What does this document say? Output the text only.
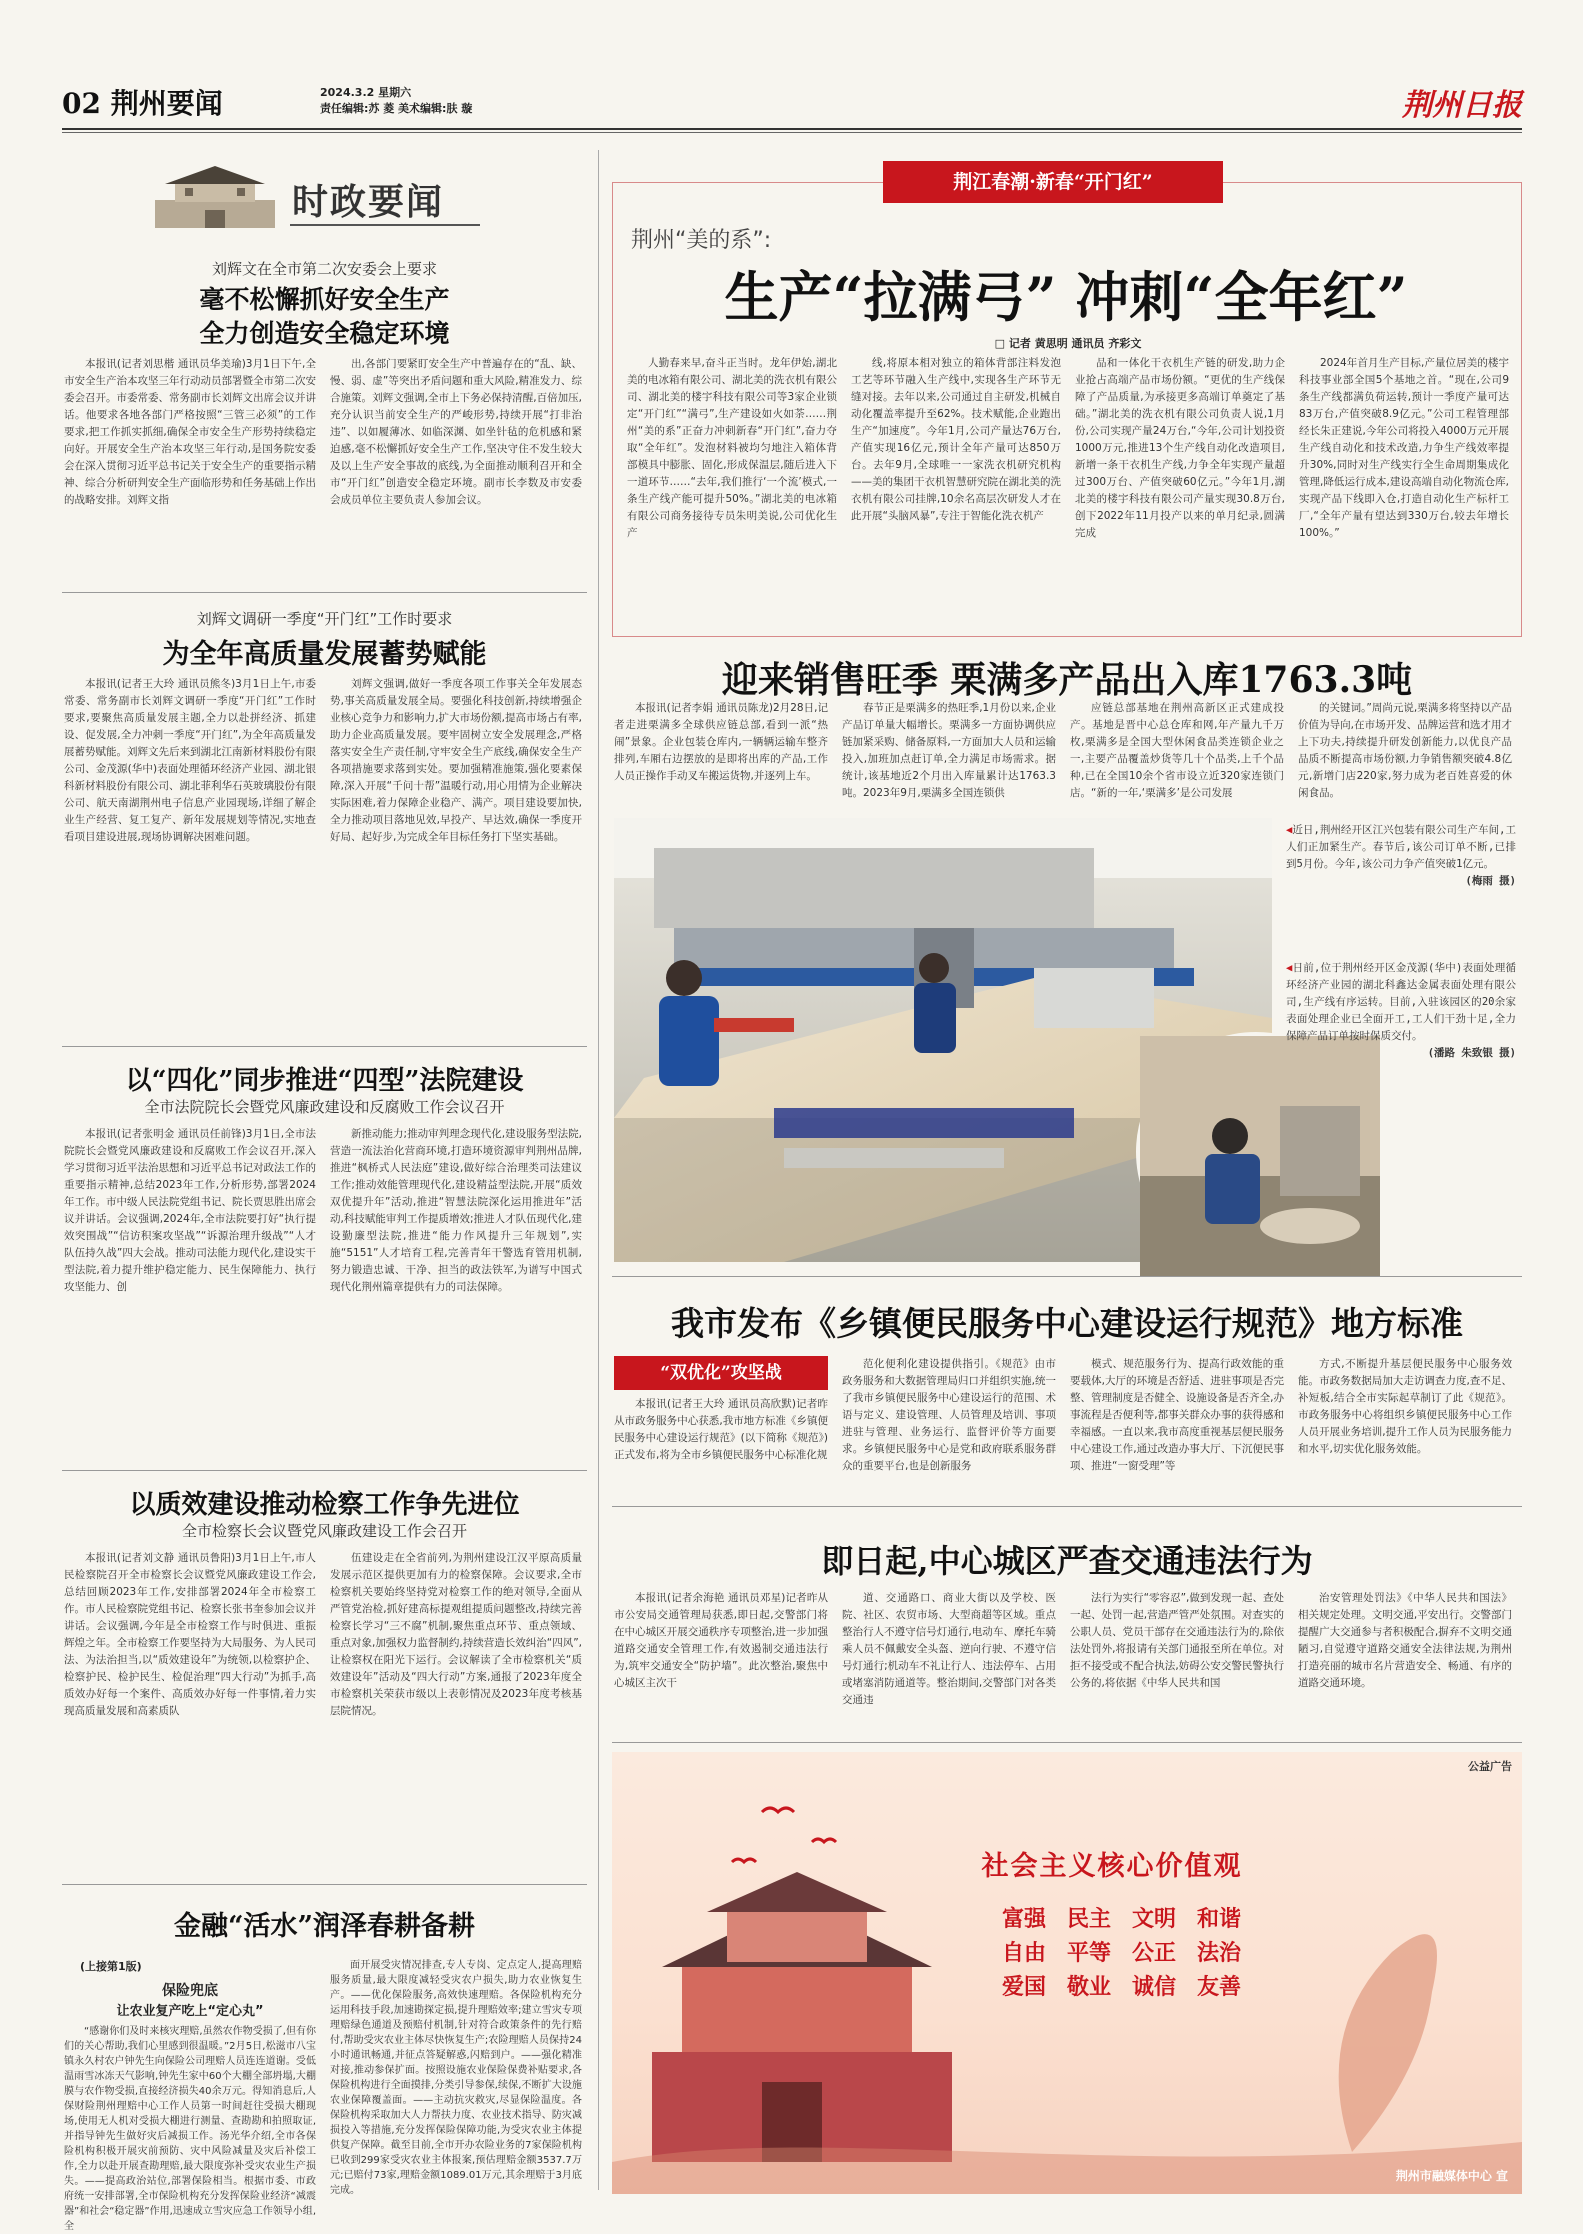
02 荆州要闻	2024.3.2 星期六
责任编辑:苏 菱 美术编辑:肤 璇	荆州日报
时政要闻
刘辉文在全市第二次安委会上要求
毫不松懈抓好安全生产
全力创造安全稳定环境

本报讯(记者刘思楷 通讯员华美瑜)3月1日下午,全市安全生产治本攻坚三年行动动员部署暨全市第二次安委会召开。市委常委、常务副市长刘辉文出席会议并讲话。他要求各地各部门严格按照“三管三必须”的工作要求,把工作抓实抓细,确保全市安全生产形势持续稳定向好。开展安全生产治本攻坚三年行动,是国务院安委会在深入贯彻习近平总书记关于安全生产的重要指示精神、综合分析研判安全生产面临形势和任务基础上作出的战略安排。刘辉文指

出,各部门要紧盯安全生产中普遍存在的“乱、缺、慢、弱、虚”等突出矛盾问题和重大风险,精准发力、综合施策。刘辉文强调,全市上下务必保持清醒,百倍加压,充分认识当前安全生产的严峻形势,持续开展“打非治违”、以如履薄冰、如临深渊、如坐针毡的危机感和紧迫感,毫不松懈抓好安全生产工作,坚决守住不发生较大及以上生产安全事故的底线,为全面推动顺利召开和全市“开门红”创造安全稳定环境。副市长李数及市安委会成员单位主要负责人参加会议。

刘辉文调研一季度“开门红”工作时要求
为全年高质量发展蓄势赋能

本报讯(记者王大玲 通讯员熊冬)3月1日上午,市委常委、常务副市长刘辉文调研一季度“开门红”工作时要求,要聚焦高质量发展主题,全力以赴拼经济、抓建设、促发展,全力冲刺一季度“开门红”,为全年高质量发展蓄势赋能。刘辉文先后来到湖北江南新材料股份有限公司、金茂源(华中)表面处理循环经济产业园、湖北银科新材料股份有限公司、湖北菲利华石英玻璃股份有限公司、航天南湖荆州电子信息产业园现场,详细了解企业生产经营、复工复产、新年发展规划等情况,实地查看项目建设进展,现场协调解决困难问题。

刘辉文强调,做好一季度各项工作事关全年发展态势,事关高质量发展全局。要强化科技创新,持续增强企业核心竞争力和影响力,扩大市场份额,提高市场占有率,助力企业高质量发展。要牢固树立安全发展理念,严格落实安全生产责任制,守牢安全生产底线,确保安全生产各项措施要求落到实处。要加强精准施策,强化要素保障,深入开展“千问十帮”温暖行动,用心用情为企业解决实际困难,着力保障企业稳产、满产。项目建设要加快,全力推动项目落地见效,早投产、早达效,确保一季度开好局、起好步,为完成全年目标任务打下坚实基础。

以“四化”同步推进“四型”法院建设
全市法院院长会暨党风廉政建设和反腐败工作会议召开

本报讯(记者张明金 通讯员任前锋)3月1日,全市法院院长会暨党风廉政建设和反腐败工作会议召开,深入学习贯彻习近平法治思想和习近平总书记对政法工作的重要指示精神,总结2023年工作,分析形势,部署2024年工作。市中级人民法院党组书记、院长贾思胜出席会议并讲话。会议强调,2024年,全市法院要打好“执行提效突围战”“信访积案攻坚战”“诉源治理升级战”“人才队伍持久战”四大会战。推动司法能力现代化,建设实干型法院,着力提升维护稳定能力、民生保障能力、执行攻坚能力、创

新推动能力;推动审判理念现代化,建设服务型法院,营造一流法治化营商环境,打造环境资源审判荆州品牌,推进“枫桥式人民法庭”建设,做好综合治理类司法建议工作;推动效能管理现代化,建设精益型法院,开展“质效双优提升年”活动,推进“智慧法院深化运用推进年”活动,科技赋能审判工作提质增效;推进人才队伍现代化,建设勤廉型法院,推进“能力作风提升三年规划”,实施“5151”人才培育工程,完善青年干警选育管用机制,努力锻造忠诚、干净、担当的政法铁军,为谱写中国式现代化荆州篇章提供有力的司法保障。

以质效建设推动检察工作争先进位
全市检察长会议暨党风廉政建设工作会召开

本报讯(记者刘文静 通讯员鲁阳)3月1日上午,市人民检察院召开全市检察长会议暨党风廉政建设工作会,总结回顾2023年工作,安排部署2024年全市检察工作。市人民检察院党组书记、检察长张书奎参加会议并讲话。会议强调,今年是全市检察工作与时俱进、重振辉煌之年。全市检察工作要坚持为大局服务、为人民司法、为法治担当,以“质效建设年”为统领,以检察护企、检察护民、检护民生、检促治理“四大行动”为抓手,高质效办好每一个案件、高质效办好每一件事情,着力实现高质量发展和高素质队

伍建设走在全省前列,为荆州建设江汉平原高质量发展示范区提供更加有力的检察保障。会议要求,全市检察机关要始终坚持党对检察工作的绝对领导,全面从严管党治检,抓好建高标提观组提质问题整改,持续完善检察长学习“三不腐”机制,聚焦重点环节、重点领域、重点对象,加强权力监督制约,持续营造长效纠治“四风”,让检察权在阳光下运行。会议解读了全市检察机关“质效建设年”活动及“四大行动”方案,通报了2023年度全市检察机关荣获市级以上表彰情况及2023年度考核基层院情况。

金融“活水”润泽春耕备耕
(上接第1版)
保险兜底
让农业复产吃上“定心丸”

“感谢你们及时来核灾理赔,虽然农作物受损了,但有你们的关心帮助,我们心里感到很温暖。”2月5日,松滋市八宝镇永久村农户钟先生向保险公司理赔人员连连道谢。受低温雨雪冰冻天气影响,钟先生家中60个大棚全部坍塌,大棚膜与农作物受损,直接经济损失40余万元。得知消息后,人保财险荆州理赔中心工作人员第一时间赶往受损大棚现场,使用无人机对受损大棚进行测量、查勘勘和拍照取证,并指导钟先生做好灾后减损工作。汤光华介绍,全市各保险机构积极开展灾前预防、灾中风险减量及灾后补偿工作,全力以赴开展查勘理赔,最大限度弥补受灾农业生产损失。——提高政治站位,部署保险相当。根据市委、市政府统一安排部署,全市保险机构充分发挥保险业经济“减震器”和社会“稳定器”作用,迅速成立雪灾应急工作领导小组,全

面开展受灾情况排查,专人专岗、定点定人,提高理赔服务质量,最大限度减轻受灾农户损失,助力农业恢复生产。——优化保险服务,高效快速理赔。各保险机构充分运用科技手段,加速勘探定损,提升理赔效率;建立雪灾专项理赔绿色通道及预赔付机制,针对符合政策条件的先行赔付,帮助受灾农业主体尽快恢复生产;农险理赔人员保持24小时通讯畅通,并征点答疑解惑,闪赔到户。——强化精准对接,推动参保扩面。按照设施农业保险保费补贴要求,各保险机构进行全面摸排,分类引导参保,续保,不断扩大设施农业保障覆盖面。——主动抗灾救灾,尽显保险温度。各保险机构采取加大人力帮扶力度、农业技术指导、防灾减损投入等措施,充分发挥保险保障功能,为受灾农业主体提供复产保障。截至目前,全市开办农险业务的7家保险机构已收到299家受灾农业主体报案,预估理赔金额3537.7万元;已赔付73家,理赔金额1089.01万元,其余理赔于3月底完成。

荆江春潮·新春“开门红”
荆州“美的系”:
生产“拉满弓” 冲刺“全年红”
□ 记者 黄思明 通讯员 齐彩文

人勤春来早,奋斗正当时。龙年伊始,湖北美的电冰箱有限公司、湖北美的洗衣机有限公司、湖北美的楼宇科技有限公司等3家企业锁定“开门红”“满弓”,生产建设如火如荼……荆州“美的系”正奋力冲刺新春“开门红”,奋力夺取“全年红”。发泡材料被均匀地注入箱体背部模具中膨胀、固化,形成保温层,随后进入下一道环节……“去年,我们推行‘一个流’模式,一条生产线产能可提升50%。”湖北美的电冰箱有限公司商务接待专员朱明美说,公司优化生产

线,将原本相对独立的箱体背部注料发泡工艺等环节融入生产线中,实现各生产环节无缝对接。去年以来,公司通过自主研发,机械自动化覆盖率提升至62%。技术赋能,企业跑出生产“加速度”。今年1月,公司产量达76万台,产值实现16亿元,预计全年产量可达850万台。去年9月,全球唯一一家洗衣机研究机构——美的集团干衣机智慧研究院在湖北美的洗衣机有限公司挂牌,10余名高层次研发人才在此开展“头脑风暴”,专注于智能化洗衣机产

品和一体化干衣机生产链的研发,助力企业抢占高端产品市场份额。“更优的生产线保障了产品质量,为承接更多高端订单奠定了基础。”湖北美的洗衣机有限公司负责人说,1月份,公司实现产量24万台,“今年,公司计划投资1000万元,推进13个生产线自动化改造项目,新增一条干衣机生产线,力争全年实现产量超过300万台、产值突破60亿元。”今年1月,湖北美的楼宇科技有限公司产量实现30.8万台,创下2022年11月投产以来的单月纪录,圆满完成

2024年首月生产目标,产量位居美的楼宇科技事业部全国5个基地之首。“现在,公司9条生产线都满负荷运转,预计一季度产量可达83万台,产值突破8.9亿元。”公司工程管理部经长朱正建说,今年公司将投入4000万元开展生产线自动化和技术改造,力争生产线效率提升30%,同时对生产线实行全生命周期集成化管理,降低运行成本,建设高端自动化物流仓库,实现产品下线即入仓,打造自动化生产标杆工厂,“全年产量有望达到330万台,较去年增长100%。”

迎来销售旺季 栗满多产品出入库1763.3吨

本报讯(记者李娟 通讯员陈龙)2月28日,记者走进栗满多全球供应链总部,看到一派“热闹”景象。企业包装仓库内,一辆辆运输车整齐排列,车厢右边摆放的是即将出库的产品,工作人员正操作手动叉车搬运货物,并逐列上车。

春节正是栗满多的热旺季,1月份以来,企业产品订单量大幅增长。栗满多一方面协调供应链加紧采购、储备原料,一方面加大人员和运输投入,加班加点赶订单,全力满足市场需求。据统计,该基地近2个月出入库量累计达1763.3吨。2023年9月,栗满多全国连锁供

应链总部基地在荆州高新区正式建成投产。基地是晋中心总仓库和网,年产量九千万枚,栗满多是全国大型休闲食品类连锁企业之一,主要产品覆盖炒货等几十个品类,上千个品种,已在全国10余个省市设立近320家连锁门店。“新的一年,‘栗满多’是公司发展

的关键词。”周尚元说,栗满多将坚持以产品价值为导向,在市场开发、品牌运营和选才用才上下功夫,持续提升研发创新能力,以优良产品品质不断提高市场份额,力争销售额突破4.8亿元,新增门店220家,努力成为老百姓喜爱的休闲食品。

◀近日,荆州经开区江兴包装有限公司生产车间,工人们正加紧生产。春节后,该公司订单不断,已排到5月份。今年,该公司力争产值突破1亿元。
(梅雨 摄)
◀日前,位于荆州经开区金茂源(华中)表面处理循环经济产业园的湖北科鑫达金属表面处理有限公司,生产线有序运转。目前,入驻该园区的20余家表面处理企业已全面开工,工人们干劲十足,全力保障产品订单按时保质交付。
(潘路 朱致银 摄)
我市发布《乡镇便民服务中心建设运行规范》地方标准
“双优化”攻坚战

本报讯(记者王大玲 通讯员高欣默)记者昨从市政务服务中心获悉,我市地方标准《乡镇便民服务中心建设运行规范》(以下简称《规范》)正式发布,将为全市乡镇便民服务中心标准化规

范化便利化建设提供指引。《规范》由市政务服务和大数据管理局归口并组织实施,统一了我市乡镇便民服务中心建设运行的范围、术语与定义、建设管理、人员管理及培训、事项进驻与管理、业务运行、监督评价等方面要求。乡镇便民服务中心是党和政府联系服务群众的重要平台,也是创新服务

模式、规范服务行为、提高行政效能的重要载体,大厅的环境是否舒适、进驻事项是否完整、管理制度是否健全、设施设备是否齐全,办事流程是否便利等,都事关群众办事的获得感和幸福感。一直以来,我市高度重视基层便民服务中心建设工作,通过改造办事大厅、下沉便民事项、推进“一窗受理”等

方式,不断提升基层便民服务中心服务效能。市政务数据局加大走访调查力度,查不足、补短板,结合全市实际起草制订了此《规范》。市政务服务中心将组织乡镇便民服务中心工作人员开展业务培训,提升工作人员为民服务能力和水平,切实优化服务效能。

即日起,中心城区严查交通违法行为

本报讯(记者余海艳 通讯员邓星)记者昨从市公安局交通管理局获悉,即日起,交警部门将在中心城区开展交通秩序专项整治,进一步加强道路交通安全管理工作,有效遏制交通违法行为,筑牢交通安全“防护墙”。此次整治,聚焦中心城区主次干

道、交通路口、商业大街以及学校、医院、社区、农贸市场、大型商超等区域。重点整治行人不遵守信号灯通行,电动车、摩托车骑乘人员不佩戴安全头盔、逆向行驶、不遵守信号灯通行;机动车不礼让行人、违法停车、占用或堵塞消防通道等。整治期间,交警部门对各类交通违

法行为实行“零容忍”,做到发现一起、查处一起、处罚一起,营造严管严处氛围。对查实的公职人员、党员干部存在交通违法行为的,除依法处罚外,将报请有关部门通报至所在单位。对拒不接受或不配合执法,妨碍公安交警民警执行公务的,将依据《中华人民共和国

治安管理处罚法》《中华人民共和国法》相关规定处理。文明交通,平安出行。交警部门提醒广大交通参与者积极配合,摒弃不文明交通陋习,自觉遵守道路交通安全法律法规,为荆州打造亮丽的城市名片营造安全、畅通、有序的道路交通环境。

公益广告
社会主义核心价值观
富强 民主 文明 和谐
自由 平等 公正 法治
爱国 敬业 诚信 友善
荆州市融媒体中心 宣
